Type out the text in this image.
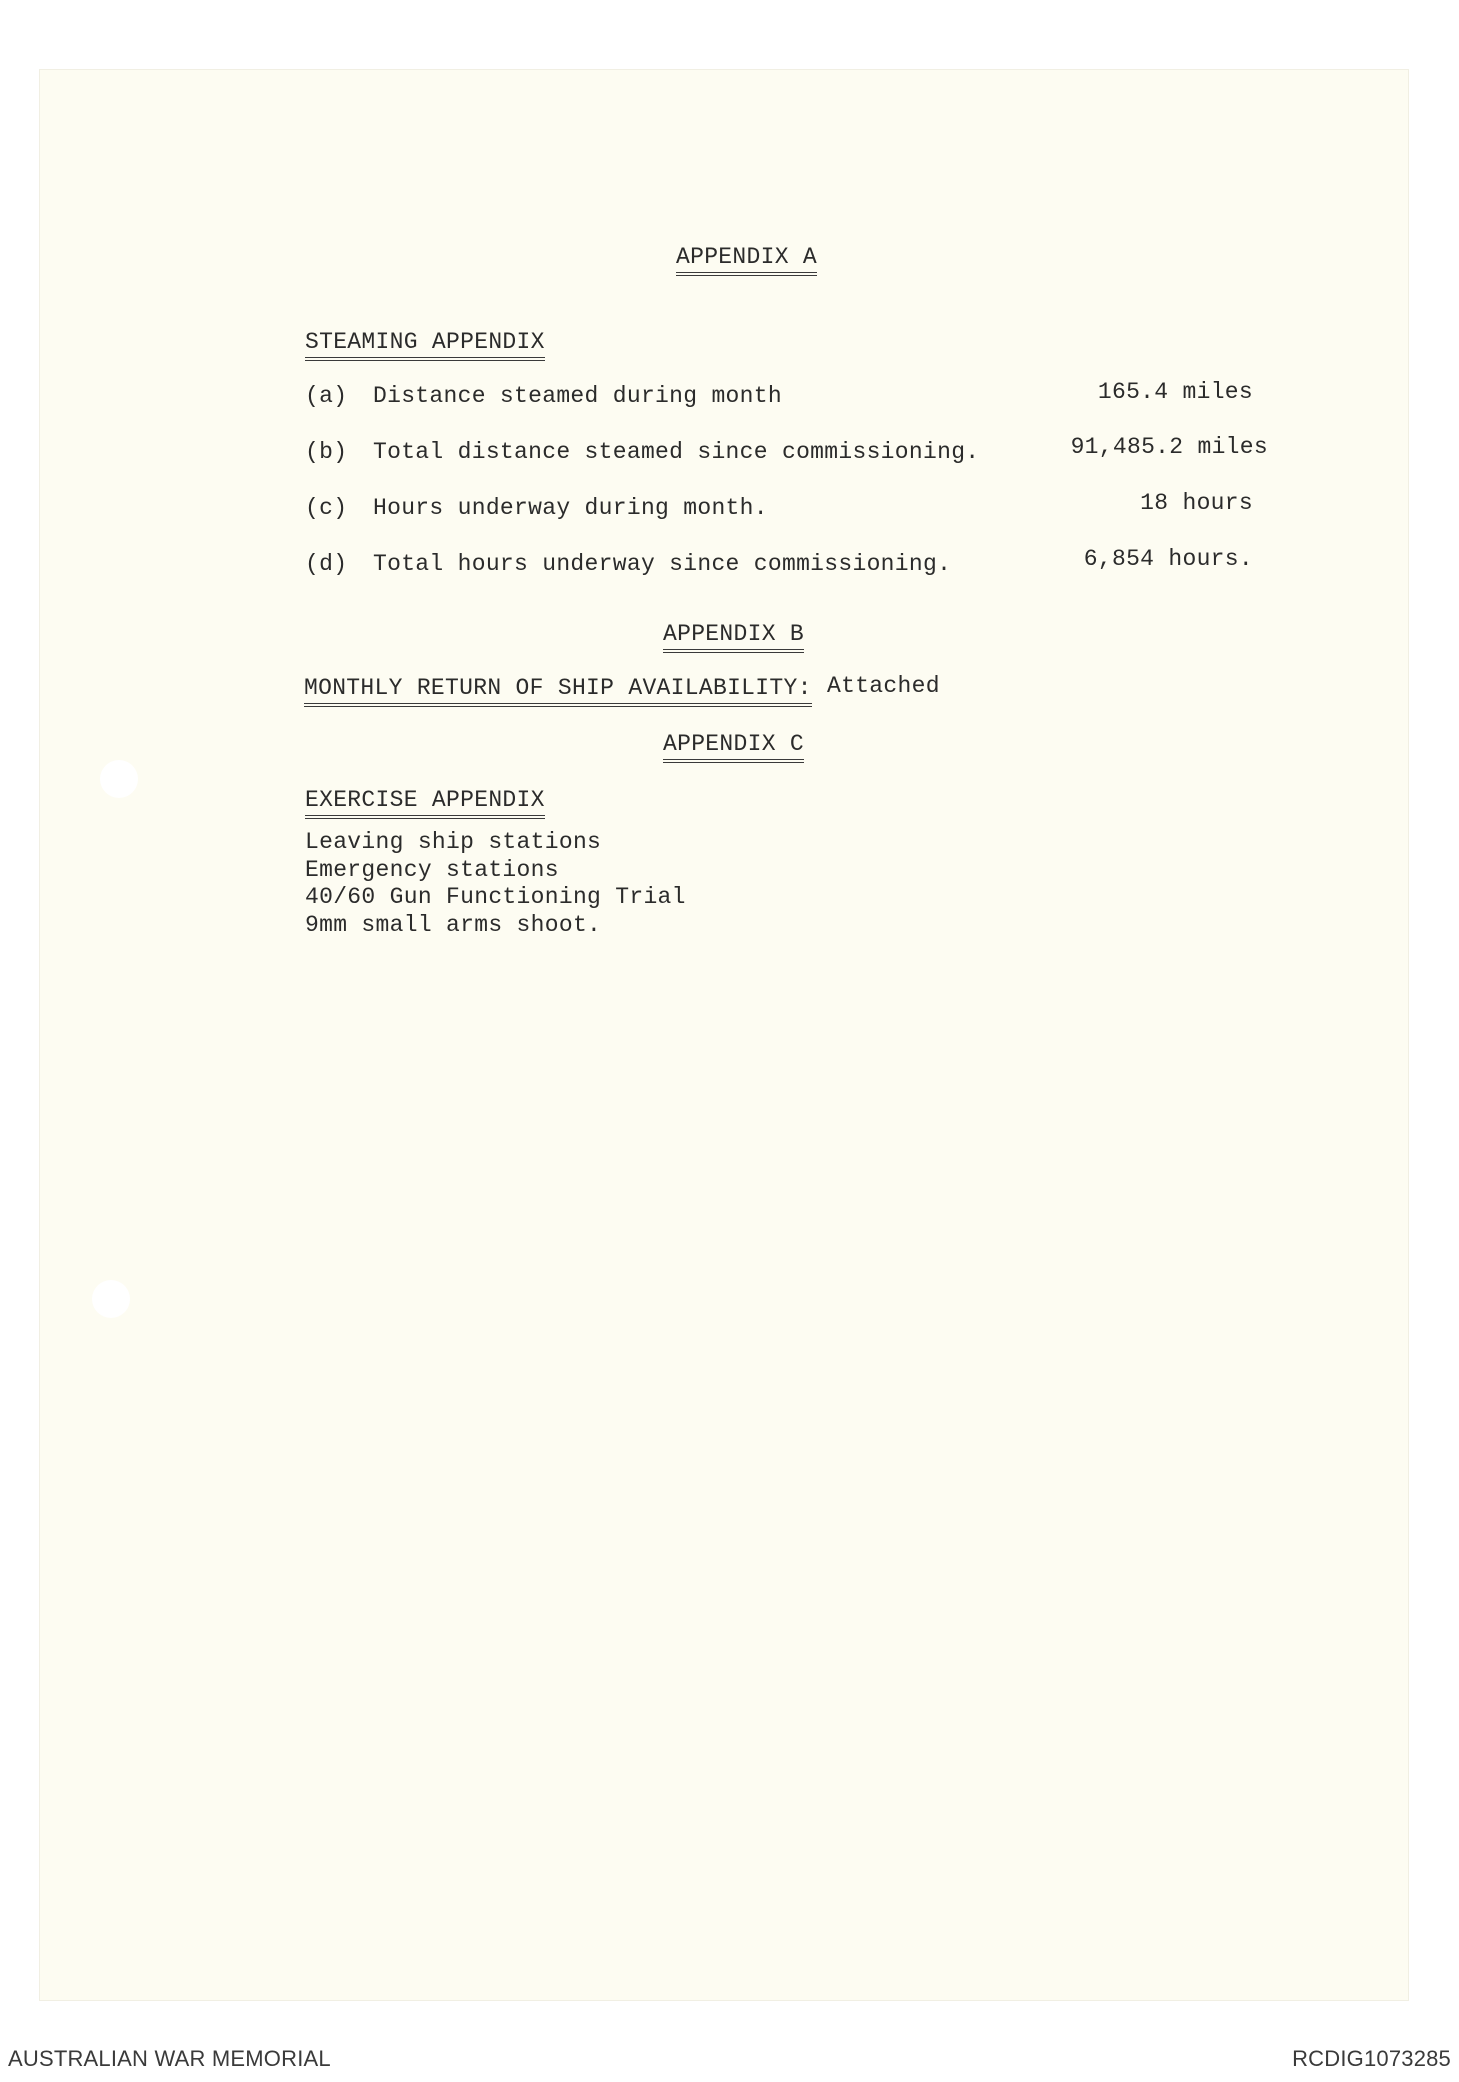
APPENDIX A
STEAMING APPENDIX
(a) Distance steamed during month	165.4 miles
(b) Total distance steamed since commissioning.	91,485.2 miles
(c) Hours underway during month.	18 hours
(d) Total hours underway since commissioning.	6,854 hours.
APPENDIX B
MONTHLY RETURN OF SHIP AVAILABILITY: Attached
APPENDIX C
EXERCISE APPENDIX
Leaving ship stations
Emergency stations
40/60 Gun Functioning Trial
9mm small arms shoot.
AUSTRALIAN WAR MEMORIAL	RCDIG1073285
